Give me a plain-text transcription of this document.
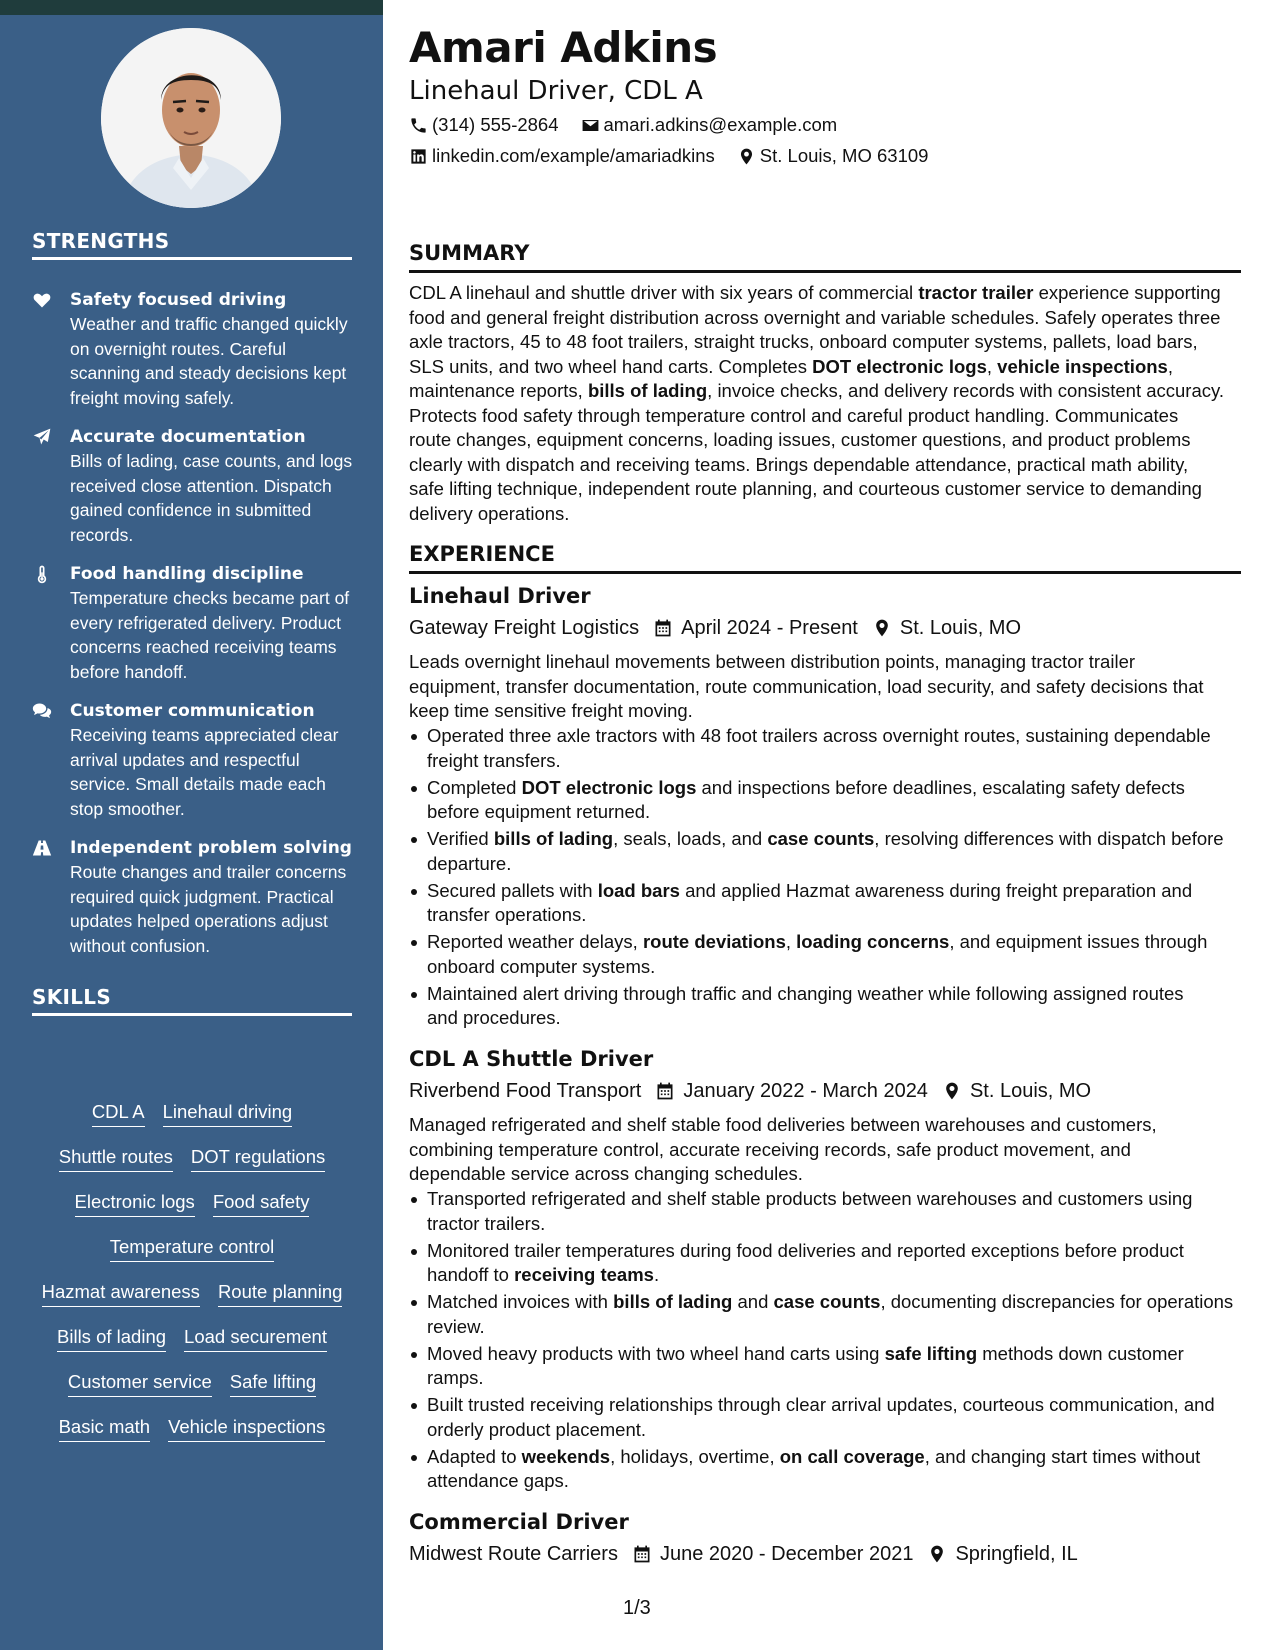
STRENGTHS
Safety focused driving
Weather and traffic changed quickly on overnight routes. Careful scanning and steady decisions kept freight moving safely.
Accurate documentation
Bills of lading, case counts, and logs received close attention. Dispatch gained confidence in submitted records.
Food handling discipline
Temperature checks became part of every refrigerated delivery. Product concerns reached receiving teams before handoff.
Customer communication
Receiving teams appreciated clear arrival updates and respectful service. Small details made each stop smoother.
Independent problem solving
Route changes and trailer concerns required quick judgment. Practical updates helped operations adjust without confusion.
SKILLS
CDL A Linehaul driving
Shuttle routes DOT regulations
Electronic logs Food safety
Temperature control
Hazmat awareness Route planning
Bills of lading Load securement
Customer service Safe lifting
Basic math Vehicle inspections
Amari Adkins
Linehaul Driver, CDL A
(314) 555-2864 amari.adkins@example.com
linkedin.com/example/amariadkins St. Louis, MO 63109
SUMMARY
CDL A linehaul and shuttle driver with six years of commercial tractor trailer experience supporting
food and general freight distribution across overnight and variable schedules. Safely operates three
axle tractors, 45 to 48 foot trailers, straight trucks, onboard computer systems, pallets, load bars,
SLS units, and two wheel hand carts. Completes DOT electronic logs, vehicle inspections,
maintenance reports, bills of lading, invoice checks, and delivery records with consistent accuracy.
Protects food safety through temperature control and careful product handling. Communicates
route changes, equipment concerns, loading issues, customer questions, and product problems
clearly with dispatch and receiving teams. Brings dependable attendance, practical math ability,
safe lifting technique, independent route planning, and courteous customer service to demanding
delivery operations.
EXPERIENCE
Linehaul Driver
Gateway Freight Logistics April 2024 - Present St. Louis, MO
Leads overnight linehaul movements between distribution points, managing tractor trailer
equipment, transfer documentation, route communication, load security, and safety decisions that
keep time sensitive freight moving.
Operated three axle tractors with 48 foot trailers across overnight routes, sustaining dependable
freight transfers.
Completed DOT electronic logs and inspections before deadlines, escalating safety defects
before equipment returned.
Verified bills of lading, seals, loads, and case counts, resolving differences with dispatch before
departure.
Secured pallets with load bars and applied Hazmat awareness during freight preparation and
transfer operations.
Reported weather delays, route deviations, loading concerns, and equipment issues through
onboard computer systems.
Maintained alert driving through traffic and changing weather while following assigned routes
and procedures.
CDL A Shuttle Driver
Riverbend Food Transport January 2022 - March 2024 St. Louis, MO
Managed refrigerated and shelf stable food deliveries between warehouses and customers,
combining temperature control, accurate receiving records, safe product movement, and
dependable service across changing schedules.
Transported refrigerated and shelf stable products between warehouses and customers using
tractor trailers.
Monitored trailer temperatures during food deliveries and reported exceptions before product
handoff to receiving teams.
Matched invoices with bills of lading and case counts, documenting discrepancies for operations
review.
Moved heavy products with two wheel hand carts using safe lifting methods down customer
ramps.
Built trusted receiving relationships through clear arrival updates, courteous communication, and
orderly product placement.
Adapted to weekends, holidays, overtime, on call coverage, and changing start times without
attendance gaps.
Commercial Driver
Midwest Route Carriers June 2020 - December 2021 Springfield, IL
1/3
